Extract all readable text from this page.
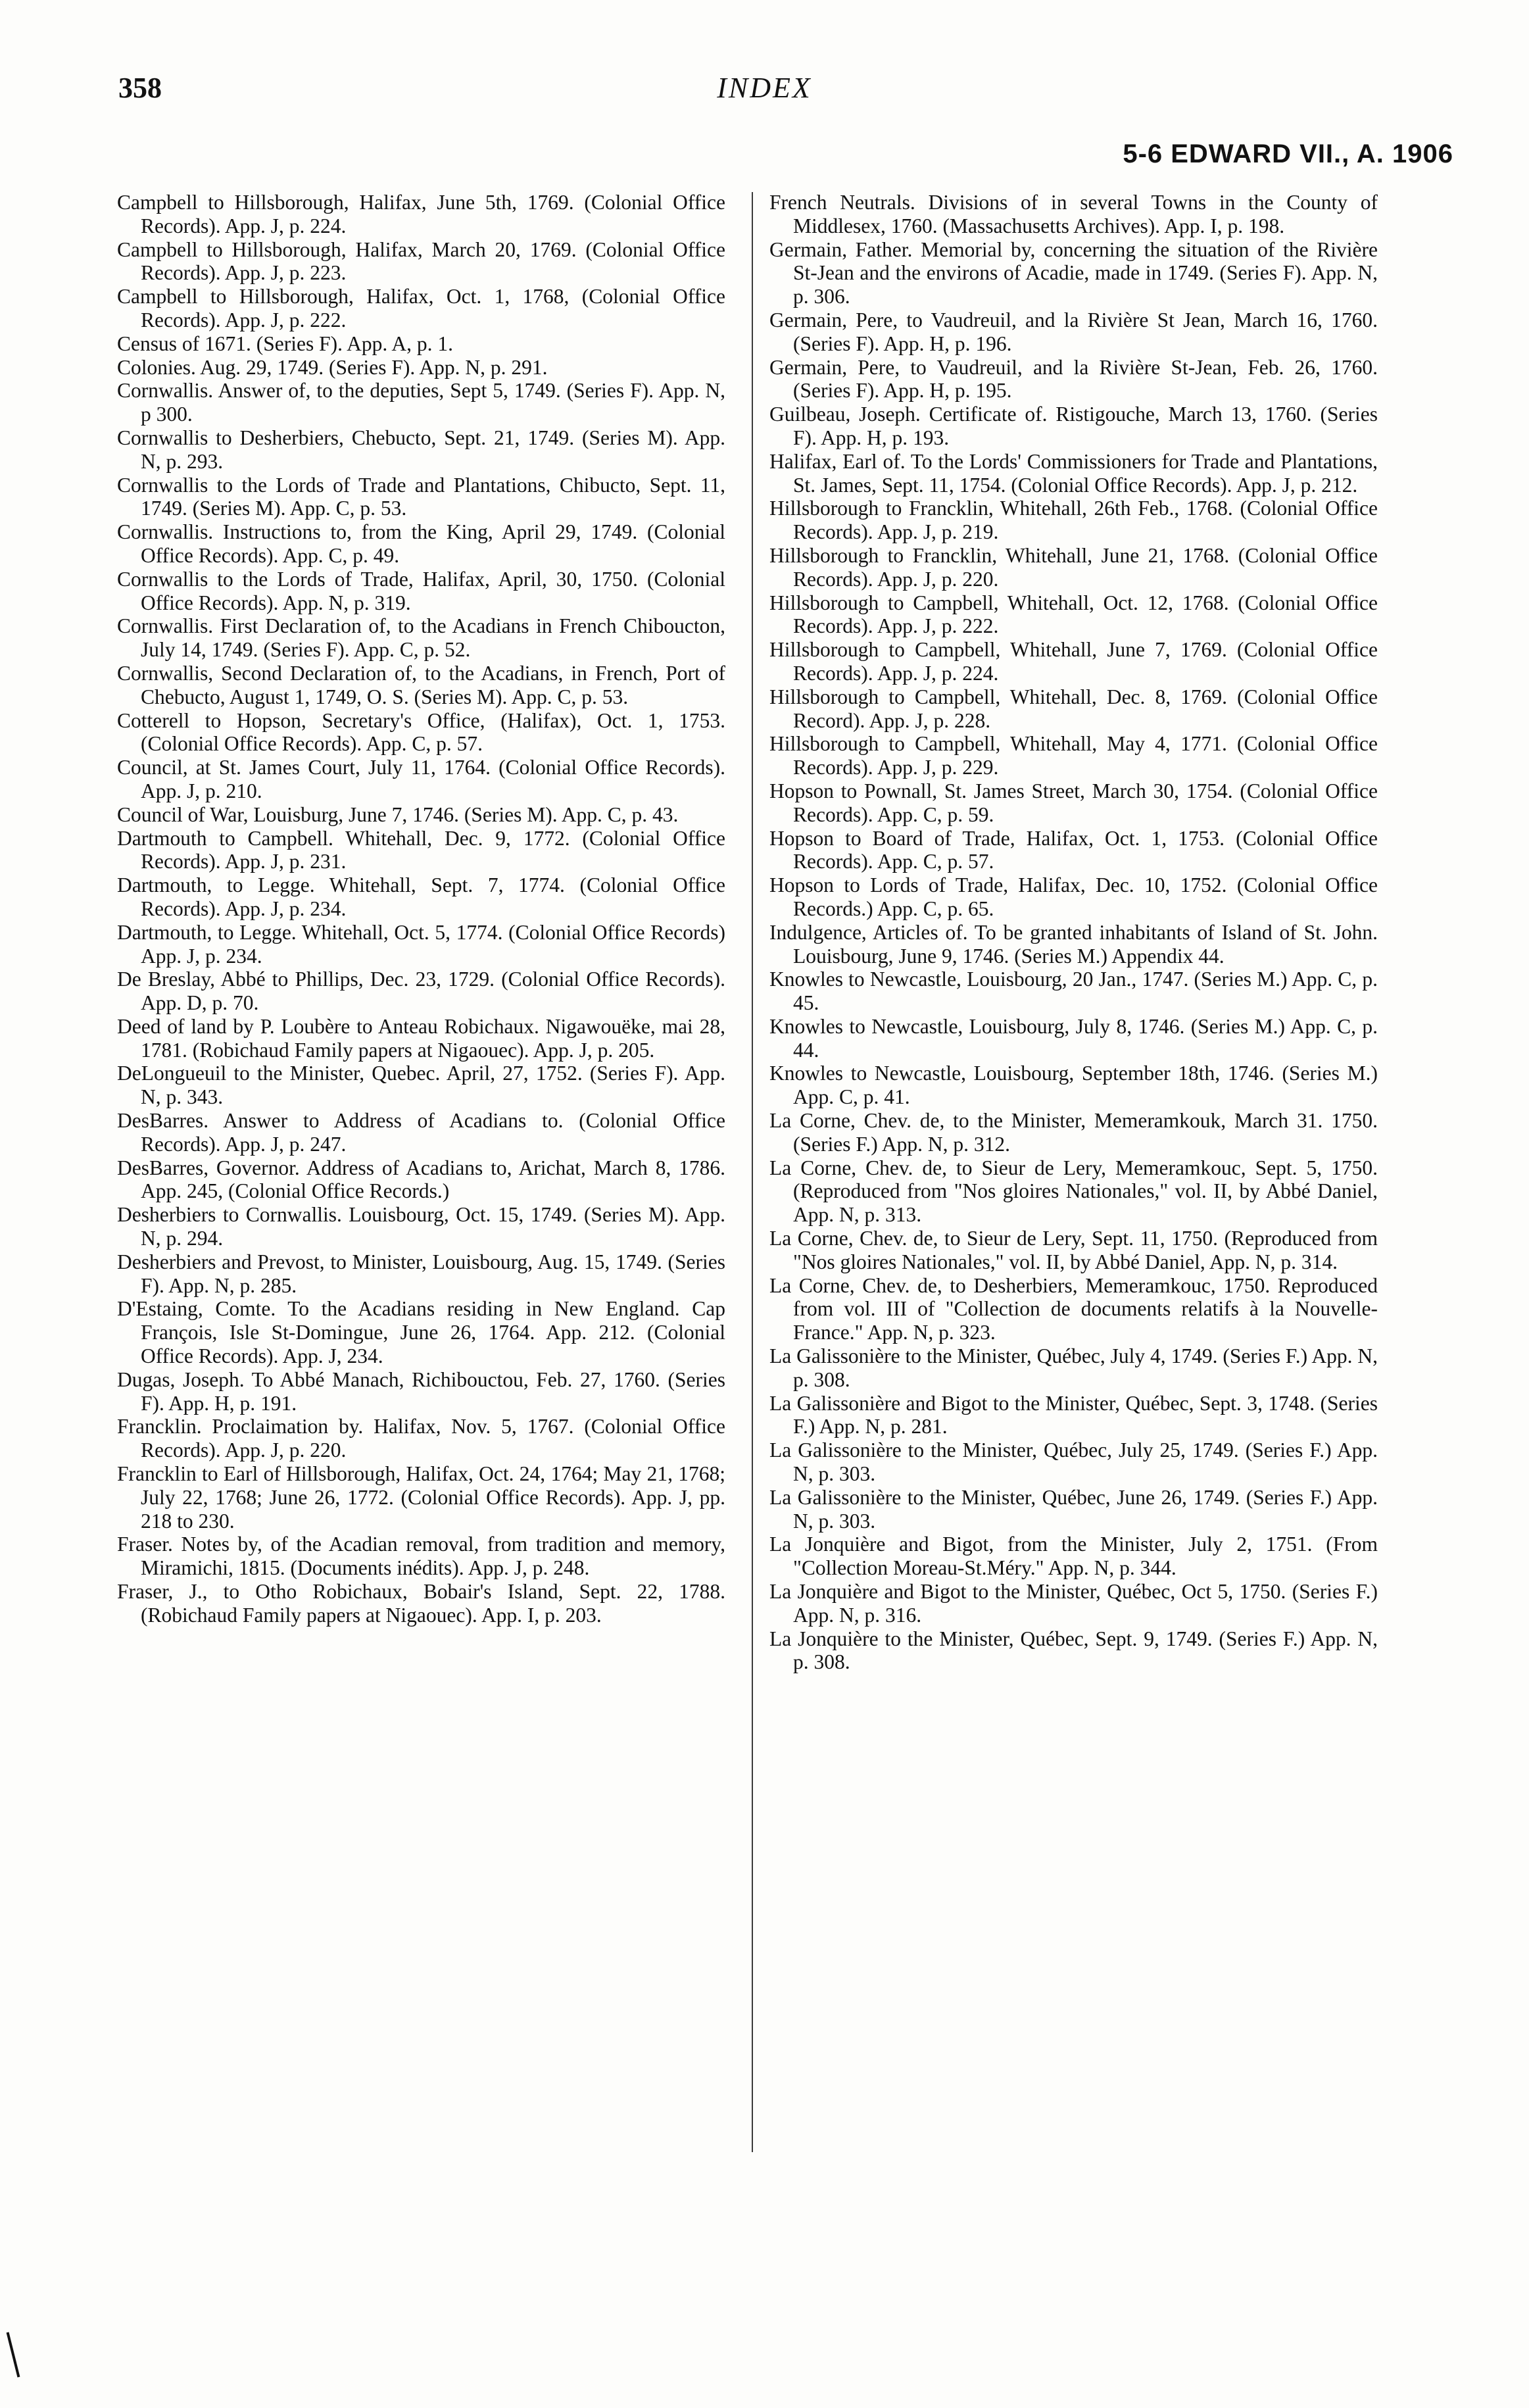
358	INDEX
5-6 EDWARD VII., A. 1906

Campbell to Hillsborough, Halifax, June 5th, 1769. (Colonial Office Records). App. J, p. 224.

Campbell to Hillsborough, Halifax, March 20, 1769. (Colonial Office Records). App. J, p. 223.

Campbell to Hillsborough, Halifax, Oct. 1, 1768, (Colonial Office Records). App. J, p. 222.

Census of 1671. (Series F). App. A, p. 1.

Colonies. Aug. 29, 1749. (Series F). App. N, p. 291.

Cornwallis. Answer of, to the deputies, Sept 5, 1749. (Series F). App. N, p 300.

Cornwallis to Desherbiers, Chebucto, Sept. 21, 1749. (Series M). App. N, p. 293.

Cornwallis to the Lords of Trade and Plantations, Chibucto, Sept. 11, 1749. (Series M). App. C, p. 53.

Cornwallis. Instructions to, from the King, April 29, 1749. (Colonial Office Records). App. C, p. 49.

Cornwallis to the Lords of Trade, Halifax, April, 30, 1750. (Colonial Office Records). App. N, p. 319.

Cornwallis. First Declaration of, to the Acadians in French Chiboucton, July 14, 1749. (Series F). App. C, p. 52.

Cornwallis, Second Declaration of, to the Acadians, in French, Port of Chebucto, August 1, 1749, O. S. (Series M). App. C, p. 53.

Cotterell to Hopson, Secretary's Office, (Halifax), Oct. 1, 1753. (Colonial Office Records). App. C, p. 57.

Council, at St. James Court, July 11, 1764. (Colonial Office Records). App. J, p. 210.

Council of War, Louisburg, June 7, 1746. (Series M). App. C, p. 43.

Dartmouth to Campbell. Whitehall, Dec. 9, 1772. (Colonial Office Records). App. J, p. 231.

Dartmouth, to Legge. Whitehall, Sept. 7, 1774. (Colonial Office Records). App. J, p. 234.

Dartmouth, to Legge. Whitehall, Oct. 5, 1774. (Colonial Office Records) App. J, p. 234.

De Breslay, Abbé to Phillips, Dec. 23, 1729. (Colonial Office Records). App. D, p. 70.

Deed of land by P. Loubère to Anteau Robichaux. Nigawouëke, mai 28, 1781. (Robichaud Family papers at Nigaouec). App. J, p. 205.

DeLongueuil to the Minister, Quebec. April, 27, 1752. (Series F). App. N, p. 343.

DesBarres. Answer to Address of Acadians to. (Colonial Office Records). App. J, p. 247.

DesBarres, Governor. Address of Acadians to, Arichat, March 8, 1786. App. 245, (Colonial Office Records.)

Desherbiers to Cornwallis. Louisbourg, Oct. 15, 1749. (Series M). App. N, p. 294.

Desherbiers and Prevost, to Minister, Louisbourg, Aug. 15, 1749. (Series F). App. N, p. 285.

D'Estaing, Comte. To the Acadians residing in New England. Cap François, Isle St-Domingue, June 26, 1764. App. 212. (Colonial Office Records). App. J, 234.

Dugas, Joseph. To Abbé Manach, Richibouctou, Feb. 27, 1760. (Series F). App. H, p. 191.

Francklin. Proclaimation by. Halifax, Nov. 5, 1767. (Colonial Office Records). App. J, p. 220.

Francklin to Earl of Hillsborough, Halifax, Oct. 24, 1764; May 21, 1768; July 22, 1768; June 26, 1772. (Colonial Office Records). App. J, pp. 218 to 230.

Fraser. Notes by, of the Acadian removal, from tradition and memory, Miramichi, 1815. (Documents inédits). App. J, p. 248.

Fraser, J., to Otho Robichaux, Bobair's Island, Sept. 22, 1788. (Robichaud Family papers at Nigaouec). App. I, p. 203.

French Neutrals. Divisions of in several Towns in the County of Middlesex, 1760. (Massachusetts Archives). App. I, p. 198.

Germain, Father. Memorial by, concerning the situation of the Rivière St-Jean and the environs of Acadie, made in 1749. (Series F). App. N, p. 306.

Germain, Pere, to Vaudreuil, and la Rivière St Jean, March 16, 1760. (Series F). App. H, p. 196.

Germain, Pere, to Vaudreuil, and la Rivière St-Jean, Feb. 26, 1760. (Series F). App. H, p. 195.

Guilbeau, Joseph. Certificate of. Ristigouche, March 13, 1760. (Series F). App. H, p. 193.

Halifax, Earl of. To the Lords' Commissioners for Trade and Plantations, St. James, Sept. 11, 1754. (Colonial Office Records). App. J, p. 212.

Hillsborough to Francklin, Whitehall, 26th Feb., 1768. (Colonial Office Records). App. J, p. 219.

Hillsborough to Francklin, Whitehall, June 21, 1768. (Colonial Office Records). App. J, p. 220.

Hillsborough to Campbell, Whitehall, Oct. 12, 1768. (Colonial Office Records). App. J, p. 222.

Hillsborough to Campbell, Whitehall, June 7, 1769. (Colonial Office Records). App. J, p. 224.

Hillsborough to Campbell, Whitehall, Dec. 8, 1769. (Colonial Office Record). App. J, p. 228.

Hillsborough to Campbell, Whitehall, May 4, 1771. (Colonial Office Records). App. J, p. 229.

Hopson to Pownall, St. James Street, March 30, 1754. (Colonial Office Records). App. C, p. 59.

Hopson to Board of Trade, Halifax, Oct. 1, 1753. (Colonial Office Records). App. C, p. 57.

Hopson to Lords of Trade, Halifax, Dec. 10, 1752. (Colonial Office Records.) App. C, p. 65.

Indulgence, Articles of. To be granted inhabitants of Island of St. John. Louisbourg, June 9, 1746. (Series M.) Appendix 44.

Knowles to Newcastle, Louisbourg, 20 Jan., 1747. (Series M.) App. C, p. 45.

Knowles to Newcastle, Louisbourg, July 8, 1746. (Series M.) App. C, p. 44.

Knowles to Newcastle, Louisbourg, September 18th, 1746. (Series M.) App. C, p. 41.

La Corne, Chev. de, to the Minister, Memeramkouk, March 31. 1750. (Series F.) App. N, p. 312.

La Corne, Chev. de, to Sieur de Lery, Memeramkouc, Sept. 5, 1750. (Reproduced from "Nos gloires Nationales," vol. II, by Abbé Daniel, App. N, p. 313.

La Corne, Chev. de, to Sieur de Lery, Sept. 11, 1750. (Reproduced from "Nos gloires Nationales," vol. II, by Abbé Daniel, App. N, p. 314.

La Corne, Chev. de, to Desherbiers, Memeramkouc, 1750. Reproduced from vol. III of "Collection de documents relatifs à la Nouvelle-France." App. N, p. 323.

La Galissonière to the Minister, Québec, July 4, 1749. (Series F.) App. N, p. 308.

La Galissonière and Bigot to the Minister, Québec, Sept. 3, 1748. (Series F.) App. N, p. 281.

La Galissonière to the Minister, Québec, July 25, 1749. (Series F.) App. N, p. 303.

La Galissonière to the Minister, Québec, June 26, 1749. (Series F.) App. N, p. 303.

La Jonquière and Bigot, from the Minister, July 2, 1751. (From "Collection Moreau-St.Méry." App. N, p. 344.

La Jonquière and Bigot to the Minister, Québec, Oct 5, 1750. (Series F.) App. N, p. 316.

La Jonquière to the Minister, Québec, Sept. 9, 1749. (Series F.) App. N, p. 308.
